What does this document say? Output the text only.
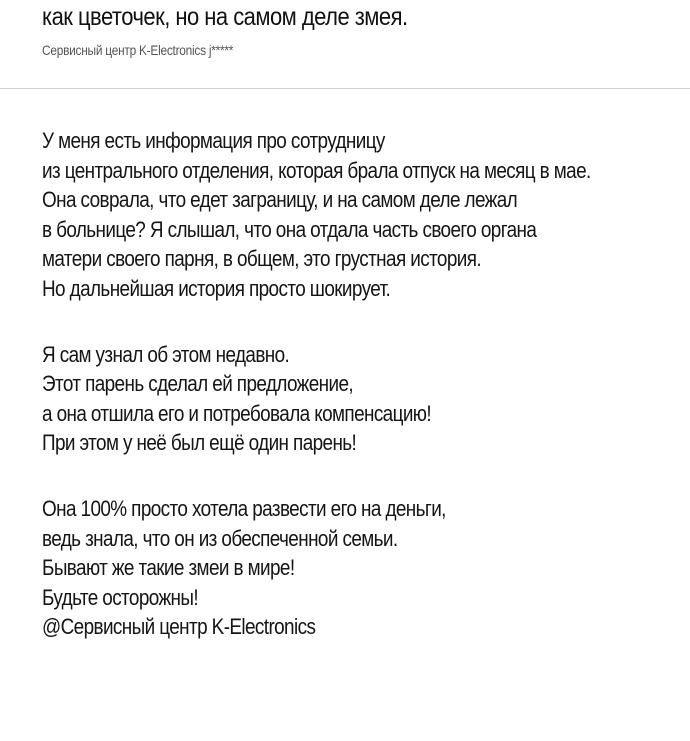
как цветочек, но на самом деле змея.
Сервисный центр K-Electronics j*****

У меня есть информация про сотрудницу
из центрального отделения, которая брала отпуск на месяц в мае.
Она соврала, что едет заграницу, и на самом деле лежал
в больнице? Я слышал, что она отдала часть своего органа
матери своего парня, в общем, это грустная история.
Но дальнейшая история просто шокирует.

Я сам узнал об этом недавно.
Этот парень сделал ей предложение,
а она отшила его и потребовала компенсацию!
При этом у неё был ещё один парень!

Она 100% просто хотела развести его на деньги,
ведь знала, что он из обеспеченной семьи.
Бывают же такие змеи в мире!
Будьте осторожны!
@Сервисный центр K-Electronics
